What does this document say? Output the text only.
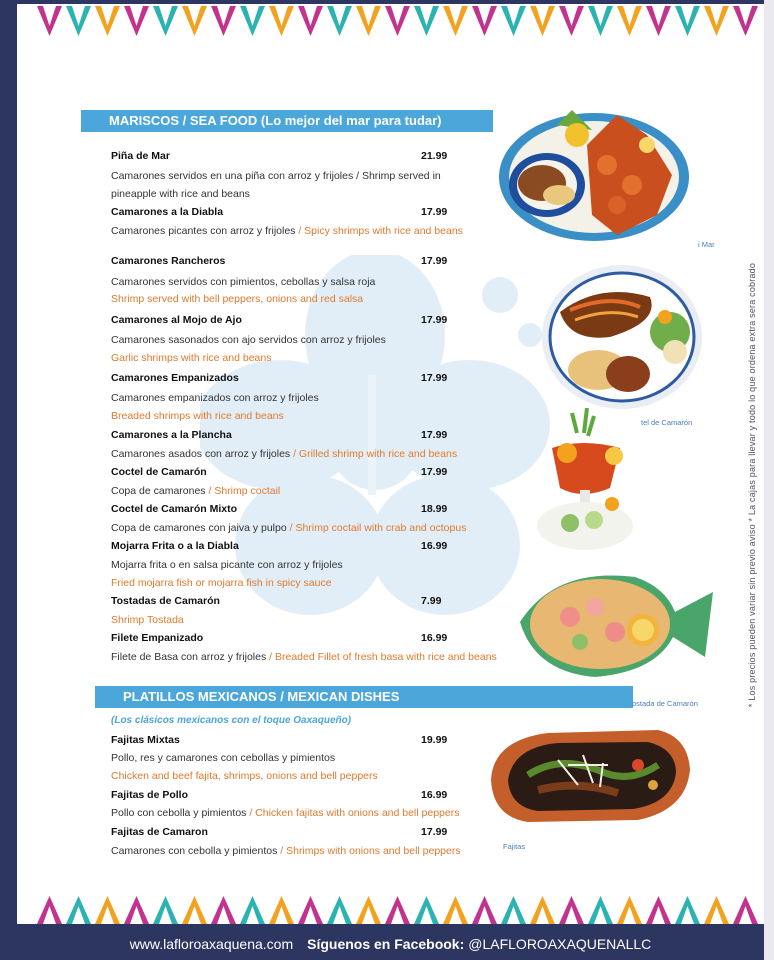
MARISCOS / SEA FOOD (Lo mejor del mar para tudar)
Piña de Mar	21.99
Camarones servidos en una piña con arroz y frijoles / Shrimp served in
pineapple with rice and beans
Camarones a la Diabla	17.99
Camarones picantes con arroz y frijoles / Spicy shrimps with rice and beans
Camarones Rancheros	17.99
Camarones servidos con pimientos, cebollas y salsa roja
Shrimp served with bell peppers, onions and red salsa
Camarones al Mojo de Ajo	17.99
Camarones sasonados con ajo servidos con arroz y frijoles
Garlic shrimps with rice and beans
Camarones Empanizados	17.99
Camarones empanizados con arroz y frijoles
Breaded shrimps with rice and beans
Camarones a la Plancha	17.99
Camarones asados con arroz y frijoles / Grilled shrimp with rice and beans
Coctel de Camarón	17.99
Copa de camarones / Shrimp coctail
Coctel de Camarón Mixto	18.99
Copa de camarones con jaiva y pulpo / Shrimp coctail with crab and octopus
Mojarra Frita o a la Diabla	16.99
Mojarra frita o en salsa picante con arroz y frijoles
Fried mojarra fish or mojarra fish in spicy sauce
Tostadas de Camarón	7.99
Shrimp Tostada
Filete Empanizado	16.99
Filete de Basa con arroz y frijoles / Breaded Fillet of fresh basa with rice and beans
PLATILLOS MEXICANOS / MEXICAN DISHES
(Los clásicos mexicanos con el toque Oaxaqueño)
Fajitas Mixtas	19.99
Pollo, res y camarones con cebollas y pimientos
Chicken and beef fajita, shrimps, onions and bell peppers
Fajitas de Pollo	16.99
Pollo con cebolla y pimientos / Chicken fajitas with onions and bell peppers
Fajitas de Camaron	17.99
Camarones con cebolla y pimientos / Shrimps with onions and bell peppers
i Mar
tel de Camarón
ostada de Camarón
Fajitas
* Los precios pueden variar sin previo aviso * La cajas para llevar y todo lo que ordena extra sera cobrado
www.lafloroaxaquena.com Síguenos en Facebook: @LAFLOROAXAQUENALLC
